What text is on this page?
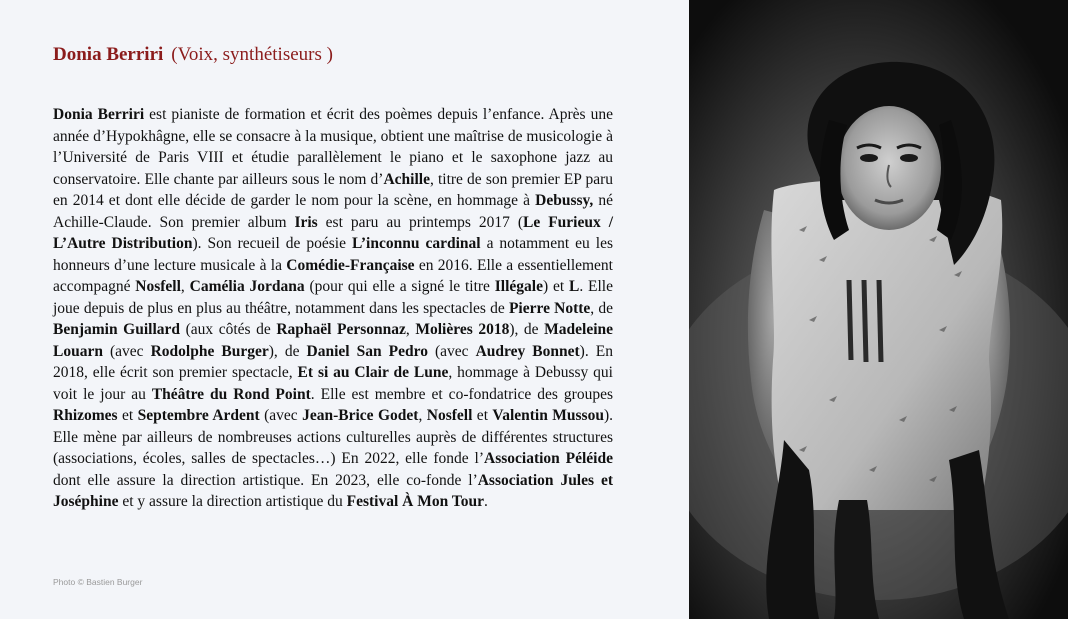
Donia Berriri (Voix, synthétiseurs )

Donia Berriri est pianiste de formation et écrit des poèmes depuis l’enfance. Après une année d’Hypokhâgne, elle se consacre à la musique, obtient une maîtrise de musicologie à l’Université de Paris VIII et étudie parallèlement le piano et le saxophone jazz au conservatoire. Elle chante par ailleurs sous le nom d’Achille, titre de son premier EP paru en 2014 et dont elle décide de garder le nom pour la scène, en hommage à Debussy, né Achille-Claude. Son premier album Iris est paru au printemps 2017 (Le Furieux / L’Autre Distribution). Son recueil de poésie L’inconnu cardinal a notamment eu les honneurs d’une lecture musicale à la Comédie-Française en 2016. Elle a essentiellement accompagné Nosfell, Camélia Jordana (pour qui elle a signé le titre Illégale) et L. Elle joue depuis de plus en plus au théâtre, notamment dans les spectacles de Pierre Notte, de Benjamin Guillard (aux côtés de Raphaël Personnaz, Molières 2018), de Madeleine Louarn (avec Rodolphe Burger), de Daniel San Pedro (avec Audrey Bonnet). En 2018, elle écrit son premier spectacle, Et si au Clair de Lune, hommage à Debussy qui voit le jour au Théâtre du Rond Point. Elle est membre et co-fondatrice des groupes Rhizomes et Septembre Ardent (avec Jean-Brice Godet, Nosfell et Valentin Mussou). Elle mène par ailleurs de nombreuses actions culturelles auprès de différentes structures (associations, écoles, salles de spectacles…) En 2022, elle fonde l’Association Péléide dont elle assure la direction artistique. En 2023, elle co-fonde l’Association Jules et Joséphine et y assure la direction artistique du Festival À Mon Tour.

Photo © Bastien Burger
